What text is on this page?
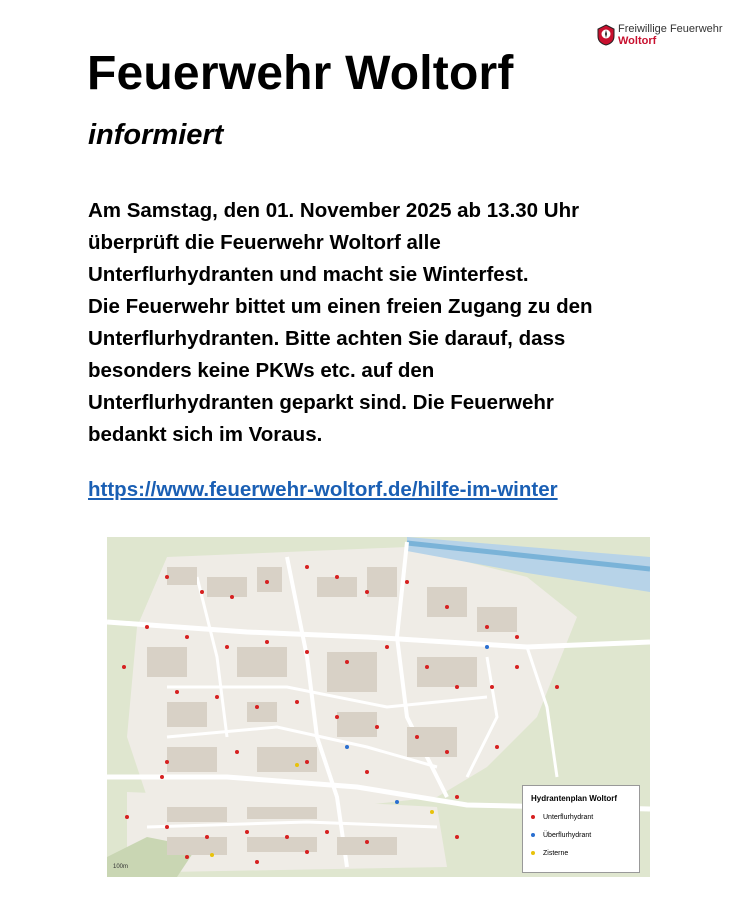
Freiwillige Feuerwehr
Woltorf
Feuerwehr Woltorf
informiert
Am Samstag, den 01. November 2025 ab 13.30 Uhr
überprüft die Feuerwehr Woltorf alle
Unterflurhydranten und macht sie Winterfest.
Die Feuerwehr bittet um einen freien Zugang zu den
Unterflurhydranten. Bitte achten Sie darauf, dass
besonders keine PKWs etc. auf den
Unterflurhydranten geparkt sind. Die Feuerwehr
bedankt sich im Voraus.
https://www.feuerwehr-woltorf.de/hilfe-im-winter
Hydrantenplan Woltorf
Unterflurhydrant
Überflurhydrant
Zisterne
100m
